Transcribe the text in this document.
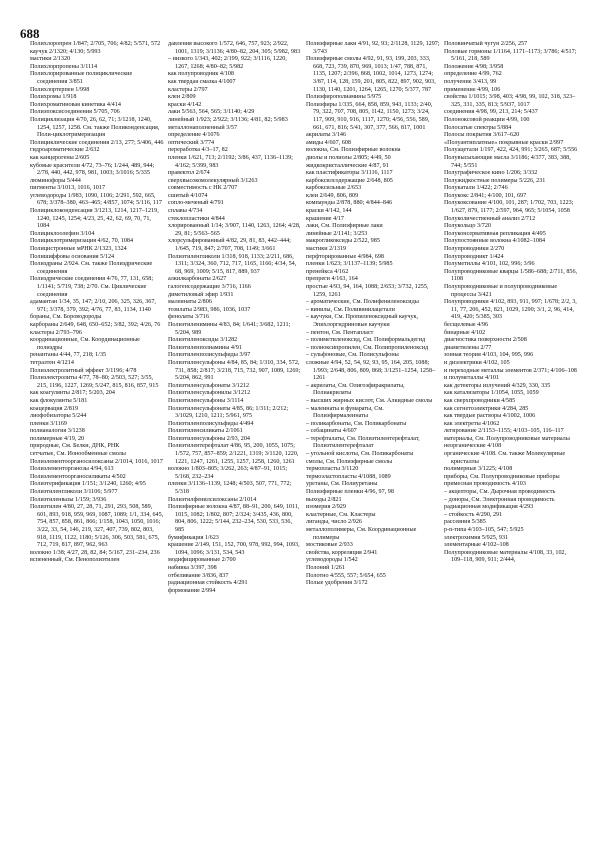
688
Полихлоропрен 1/847; 2/705, 706; 4/82; 5/571, 572
каучук 2/1320; 4/130; 5/993
мастики 2/1320
Полихлорпропены 3/1114
Полихлорированные полициклические соединения 3/851
Полихлортерпен 1/998
Полихромы 1/918
Полиxроматиновая кинетика 4/414
Полиэпоксисоединения 5/705, 706
Полициклизация 4/70, 26, 62, 71; 3/1218, 1240, 1254, 1257, 1258. См. также Поликонденсация, Поли-циклотримеризация
Полициклические соединения 2/13, 277; 5/406, 446
гидроароматические 2/632
как канцерогены 2/605
кубовые красители 4/72, 73–76; 1/244, 489, 944; 2/78, 440, 442, 978, 981, 1003; 3/1016; 5/335
люминофоры 5/444
пигменты 3/1013, 1016, 1017
углеводороды 1/983, 1090, 1106; 2/291, 592, 665, 678; 3/378–380, 463–465; 4/857, 1074; 5/116, 117
Полициклоконденсация 3/1213, 1214, 1217–1219, 1240, 1245, 1254; 4/23, 25, 42, 62, 69, 70, 71, 1084
Полициклоолефин 3/104
Полициклотримеризация 4/62, 70, 1084
Полицистронные мРНК 2/1323, 1324
Полишиффовы основания 5/124
Полиэдраны 2/924. См. также Полиэдрические соединения
Полиэдрические соединения 4/76, 77, 131, 658; 1/1141; 5/719, 738; 2/70. См. Циклические соединения
адамантан 1/34, 35, 147; 2/10, 206, 325, 326, 367, 971; 3/378, 379, 392; 4/76, 77, 83, 1134, 1140
бораны, См. Бороводороды
карбораны 2/649, 648, 650–652; 3/82, 392; 4/26, 76
кластеры 2/793–796
координационные, См. Координационные полиэдры
ренантаны 4/44, 77, 218; 1/35
тетраэтен 4/1214
Полиэлектролитный эффект 3/1196; 4/78
Полиэлектролиты 4/77, 78–80; 2/503, 527; 3/55, 215, 1196, 1227, 1269; 5/247, 815, 816, 857, 915
как коагулянты 2/817; 5/203, 204
как флокулянты 5/181
коацервация 2/819
лиофобизаторы 5/244
пленки 3/1169
полианалогия 3/1238
полимерные 4/19, 20
природные, См. Белки, ДНК, РНК
сетчатые, См. Ионообменные смолы
Полиэлементоорганосилоксаны 2/1014, 1016, 1017
Полиэлементорганозы 4/94, 613
Полиэлементоорганосиликаты 4/502
Полиэтерификация 1/151; 3/1240, 1260; 4/95
Полиэтиленгликоли 3/1106; 5/977
Полиэтиленвазы 1/159; 3/936
Полиэтилен 4/80, 27, 28, 71, 291, 293, 508, 589, 601, 893, 918, 959, 969, 1087, 1089; 1/1, 334, 645, 754, 857, 858, 861, 866; 1/158, 1043, 1050, 1016; 3/22, 33, 54, 146, 219, 327, 407, 739, 802, 803, 918, 1119, 1122, 1180; 5/126, 306, 503, 581, 675, 712, 719, 817, 897, 962, 963
волокно 1/38; 4/27, 28, 82, 84; 5/167, 231–234, 236
вспененный, См. Пенополиэтилен
давления высокого 1/572, 646, 757, 923; 2/922, 1001, 1319; 3/1136; 4/80–82, 204, 305; 5/982, 983
– низкого 1/343, 402; 2/199, 922; 3/1116, 1220, 1267, 1268; 4/80–82; 5/982
как полупроводник 4/108
как твердая смазка 4/1007
кластеры 2/797
клеи 2/809
краски 4/142
лаки 5/563, 564, 565; 3/1140; 4/29
линейный 1/923; 2/922; 3/1136; 4/81, 82; 5/983
металлонаполненный 3/57
определение 4/1076
оптический 3/774
переработка 4/3–17, 82
пленки 1/621, 713; 2/1192; 3/86, 437, 1136–1139; 4/162; 5/399, 983
правектол 2/674
сверхвысокомолекулярный 3/1263
совместимость с НК 2/707
сшитый 4/1074
сопло-меченый 4/791
сплавы 4/734
стеклопластики 4/844
хлорированный 1/14; 3/907, 1140, 1263, 1264; 4/28, 29, 81; 5/563–565
хлорсульфированный 4/82, 29, 81, 83, 442–444; 1/645, 719, 847; 2/707, 708, 1149; 3/661
Полиэтиленгликоли 1/318, 918, 1133; 2/211, 686, 1311; 3/324, 360, 712, 717, 1165, 1166; 4/34, 54, 68, 969, 1009; 5/15, 817, 889, 937
алкилкарбонаты 2/627
галогенсодержащие 3/716, 1166
диметиловый эфир 1/931
малеинаты 2/806
тозилаты 2/983, 986, 1036, 1037
фенолаты 3/716
Полиэтиленимины 4/83, 84; 1/641; 3/682, 1211; 5/204, 989
Полиэтиленоксиды 3/1282
Полиэтиленполиамины 4/91
Полиэтиленполисульфиды 3/97
Полиэтиленсульфоны 4/84, 85, 84; 1/310, 334, 572, 731, 858; 2/817; 3/218, 715, 732, 907, 1089, 1269; 5/204, 862, 991
Полиэтиленсульфонаты 3/1212
Полиэтиленсульфонилы 3/1212
Полиэтиленсульфоны 3/1114
Полиэтиленсульфонаты 4/85, 86; 1/311; 2/212; 3/1029, 1210, 1211; 5/961, 975
Полиэтиленполисульфиды 4/494
Полиэтиленсиликаты 2/1061
Полиэтиленсульфоны 2/93, 204
Полиэтилентерефталат 4/86, 95, 200, 1055, 1075; 1/572, 757, 857–859; 2/1221, 1319; 3/1120, 1220, 1221, 1247, 1261, 1255, 1257, 1258, 1260, 1261
волокно 1/803–805; 3/262, 263; 4/87–91, 1015; 5/168, 232–234
пленки 3/1136–1139, 1248; 4/503, 507, 771, 772; 5/318
Полиэтилфенилсилоксаны 2/1014
Полиэфирные волокна 4/87, 88–91, 200, 649, 1011, 1015, 1082; 1/802, 807; 2/324; 3/435, 436, 800, 804, 806, 1222; 5/144, 232–234, 530, 533, 536, 985
бумификация 1/623
крашение 2/149, 151, 152, 700, 978, 992, 994, 1093, 1094, 1096; 3/131, 534, 543
модифицированные 2/700
набивка 3/397, 398
отбеливание 3/836, 837
радиационная стойкость 4/291
формование 2/994
Полиэфирные лаки 4/91, 92, 93; 2/1128, 1129, 1297; 3/743
Полиэфирные смолы 4/92, 91, 93, 199, 203, 333, 668, 723, 739, 870, 969, 1013; 1/47, 788, 871, 1135, 1207; 2/396, 868, 1002, 1014, 1273, 1274; 3/87, 114, 128, 159, 201, 805, 822, 897, 902, 903, 1130, 1140, 1201, 1264, 1265, 1270; 5/377, 787
Полиэфирополиамины 5/975
Полиэфиры 1/335, 664, 858, 859, 943, 1133; 2/40, 79, 322, 707, 708, 805, 1142, 1150, 1273; 3/24, 117, 909, 910, 916, 1117, 1270; 4/56, 556, 589, 661, 671, 816; 5/41, 307, 377, 566, 817, 1001
акрилаты 3/146
амиды 4/607, 608
волокна, См. Полиэфирные волокна
диолы и полиолы 2/805; 4/49, 50
жидкокристаллические 4/87, 91
как пластификаторы 3/1116, 1117
карбоксилсодержащие 2/648, 805
карбоксильные 2/653
клеи 2/649, 806, 809
компаунды 2/878, 880; 4/844–846
краски 4/142, 144
крашение 4/17
лаки, См. Полиэфирные лаки
линейные 2/1141; 3/253
макрогликоксиды 2/522, 985
мастики 2/1319
перфторированные 4/984, 698
пленки 1/623; 3/1137–1139; 5/985
пренейкса 4/162
препреги 4/163, 164
простые 4/93, 94, 164, 1088; 2/653; 3/732, 1255, 1259, 1261
– ароматические, См. Полифениленоксиды
– винилы, См. Поливинилацетали
– каучуки, См. Пропиленоксидный каучук, Эпихлоргидриновые каучуки
– пентон, См. Пентапласт
– полиметиленоксид, См. Полиформальдегид
– полиоксипропилен, См. Полипропиленоксид
– сульфоновые, См. Полисульфоны
сложные 4/94, 52, 54, 92, 93, 95, 164, 205, 1088; 1/993; 2/648, 806, 809, 868; 3/1251–1254, 1258–1261
– акрилаты, См. Олигоэфиракрилаты, Полиакрилаты
– высших жирных кислот, См. Алкидные смолы
– малеинаты и фумараты, См. Полиэфирмалеинаты
– поликарбонаты, См. Поликарбонаты
– себацинаты 4/607
– терефталаты, См. Полиэтилентерефталат, Полиэтилентерефталат
– угольной кислоты, См. Поликарбонаты
смолы, См. Полиэфирные смолы
термопласты 3/1120
термоэластопласты 4/1088, 1089
уретаны, См. Полиуретаны
Полиэфирные пленки 4/96, 97, 98
выходы 2/821
изомерия 2/929
кластерные, См. Кластеры
лиганды, число 2/926
металлополимеры, См. Координационные полимеры
мостиковые 2/933
свойства, корреляция 2/941
углеводороды 1/542
Полоний 1/261
Полотно 4/555, 557; 5/654, 655
Полые удобрения 3/172
Половинчатый чугун 2/256, 257
Половые гормоны 1/1164, 1171–1173; 3/786; 4/517; 5/161, 218, 589
Положение 4/98; 3/958
определение 4/99, 762
получение 3/413, 99
применение 4/99, 106
свойства 1/1015; 3/98, 403; 4/98, 99, 102, 318, 323–325, 331, 335, 813; 5/937, 1017
соединения 4/98, 99, 213, 214; 5/437
Полоноксовой реакции 4/99, 100
Полосатые спектры 5/884
Полосы покрытия 3/617–620
«Полуантиплатные» покрывные краски 2/997
Полуацетали 1/197, 422, 424, 991; 3/265, 687; 5/556
Полувысыхающие масла 3/1186; 4/377, 383, 388, 744; 5/551
Полуграфическое кино 1/206; 3/332
Полужидкостные полимеры 5/226, 231
Полукатали 1/422; 2/746
Полукокс 2/841; 4/100, 101, 697
Полукоксование 4/100, 101, 287; 1/702, 703, 1223; 1/627, 879, 1177; 2/597, 964, 965; 5/1054, 1058
Полуколичественный анализ 2/712
Полукольцо 3/720
Полуконсервативная репликация 4/495
Полупостоянные волокна 4/1082–1084
Полупроводники 2/270
Полупроводникт 1/424
Полуметиллы 4/101, 102, 996; 3/96
Полупроводниковые кварцы 1/586–688; 2/711, 856, 1108
Полупроводниковые и полупроводниковые процессы 3/421
Полупроводники 4/102, 893, 911, 997; 1/678; 2/2, 3, 11, 77, 206, 452, 821, 1029, 1290; 3/1, 2, 96, 414, 419, 420; 5/385, 303
бесщелевые 4/96
бинарные 4/102
диагностика поверхности 2/508
диаметилены 2/77
зонная теория 4/103, 104, 995, 996
и диэлектрики 4/102, 105
и переходные металлы элементов 2/371; 4/106–108
и полуметаллы 4/101
как детекторы излучений 4/329, 330, 335
как катализаторы 1/1054, 1055, 1059
как сверхпроводники 4/585
как сегнетоэлектрики 4/284, 285
как твердые растворы 4/1002, 1006
как электреты 4/1062
легирование 2/1153–1155; 4/103–105, 116–117
материалы, См. Полупроводниковые материалы
неорганические 4/108
органические 4/108. См. также Молекулярные кристаллы
полимерные 3/1225; 4/108
приборы, См. Полупроводниковые приборы
примесная проводимость 4/103
– акцепторы, См. Дырочная проводимость
– доноры, См. Электронная проводимость
радиационная модификация 4/293
– стойкость 4/290, 291
рассеяния 5/385
p-n-типа 4/103–105, 547; 5/925
электрохимия 5/925, 931
элементарные 4/102–108
Полупроводниковые материалы 4/108, 33, 102, 109–118, 909, 911; 2/444,
